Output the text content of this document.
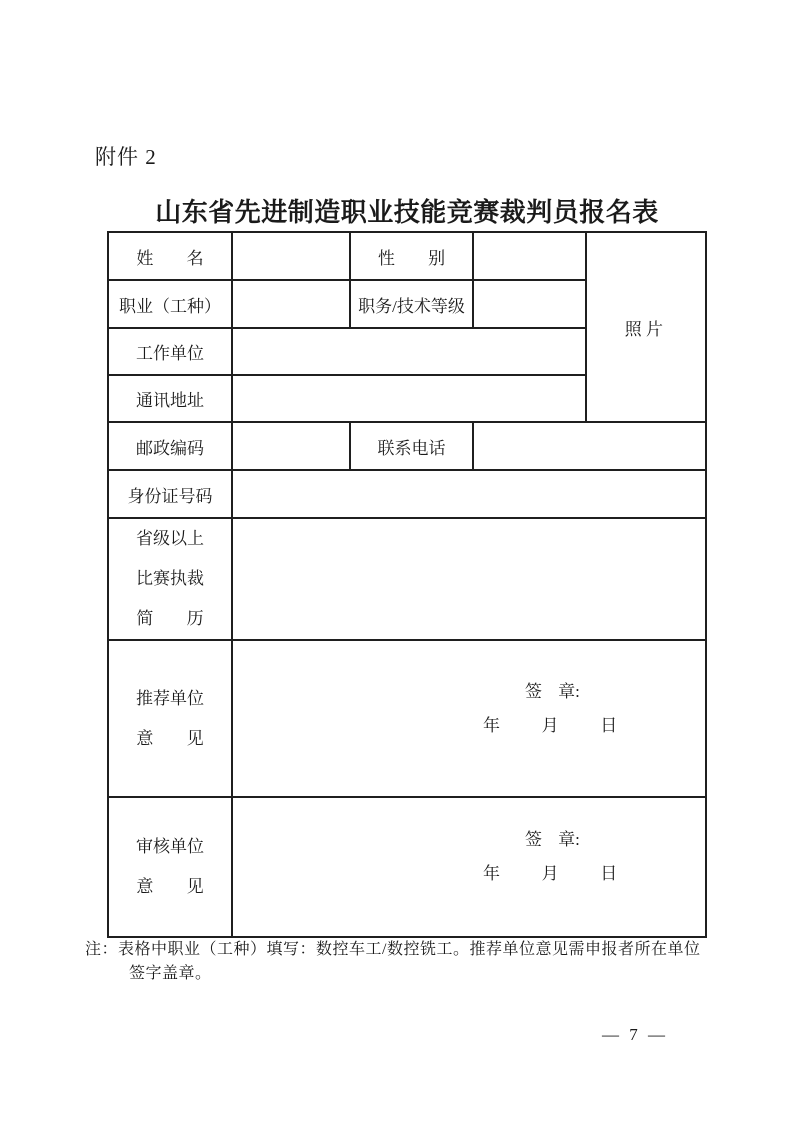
附件 2
山东省先进制造职业技能竞赛裁判员报名表
姓 名		性 别		照片
职业（工种）		职务/技术等级		
工作单位				
通讯地址				
邮政编码		联系电话		
身份证号码				

省级以上
比赛执裁
简 历				

推荐单位
意 见

签 章:
年 月 日

审核单位
意 见

签 章:
年 月 日
注：表格中职业（工种）填写：数控车工/数控铣工。推荐单位意见需申报者所在单位
签字盖章。
— 7 —
